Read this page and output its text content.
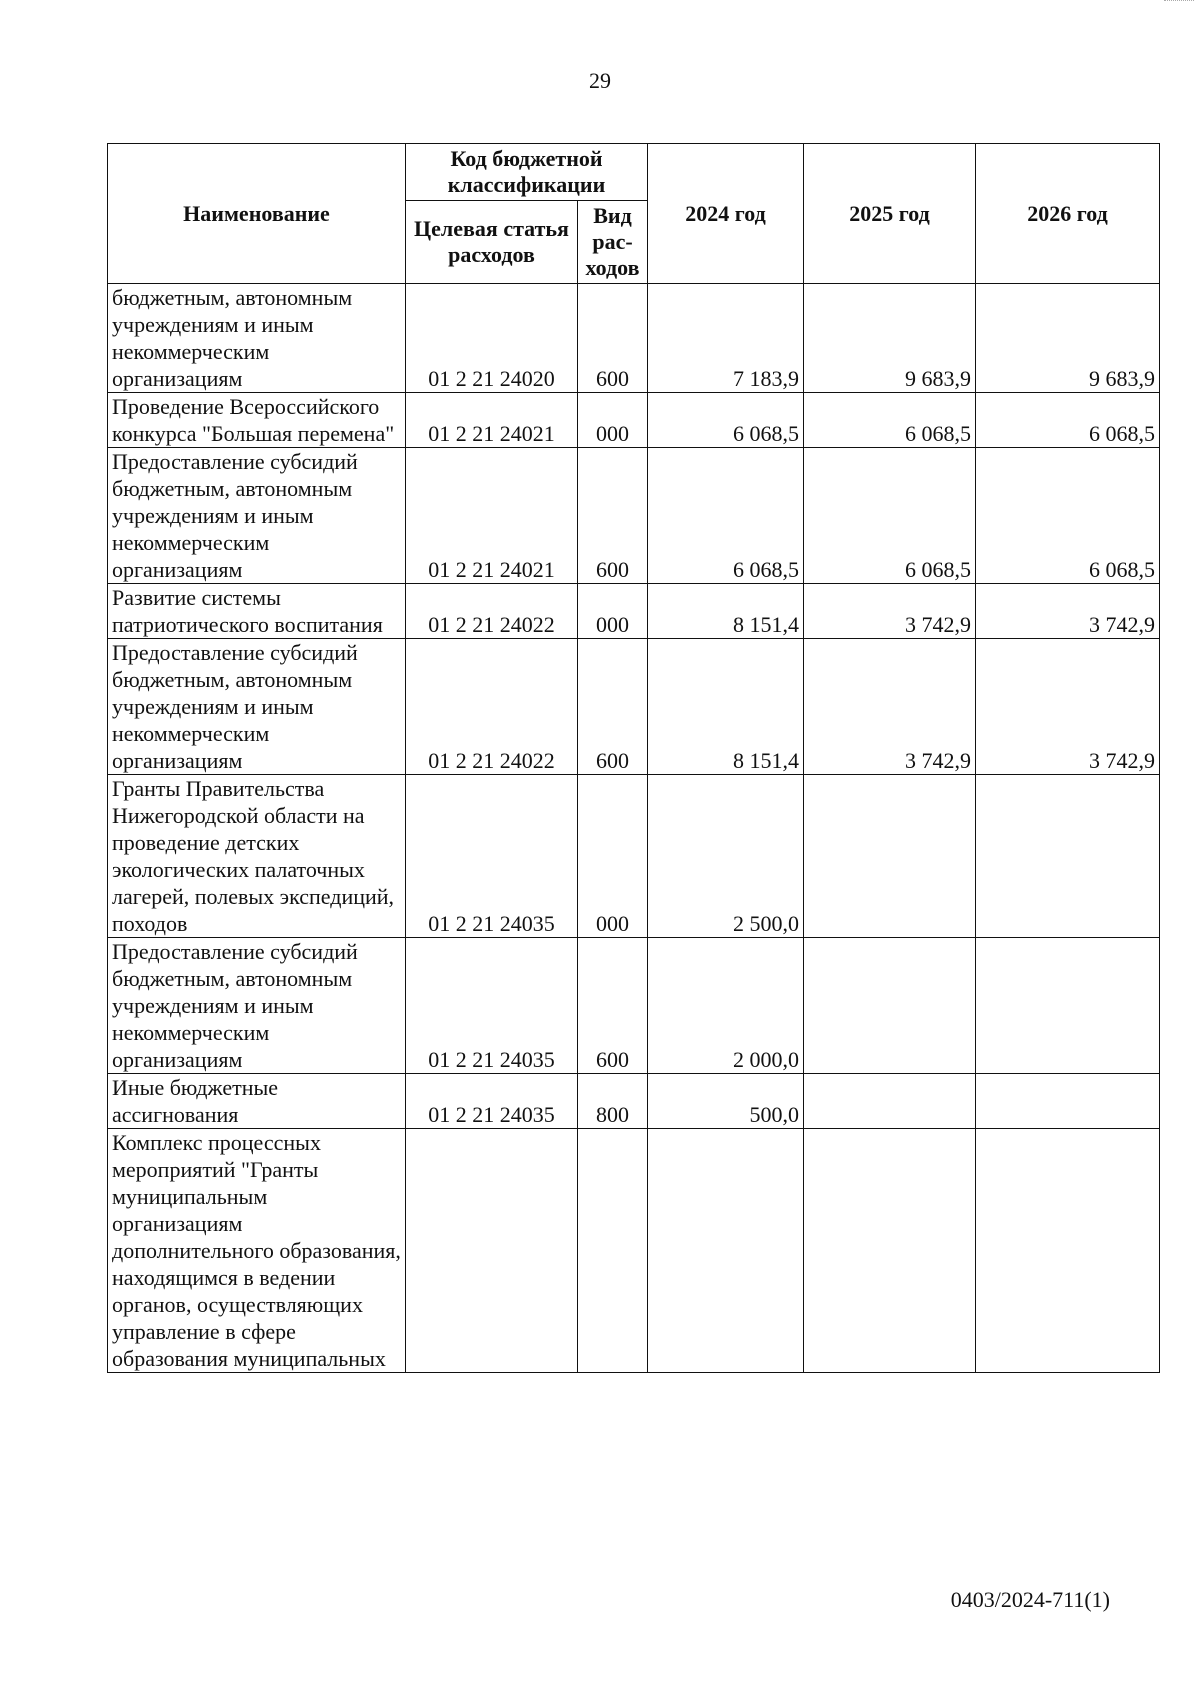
29
Наименование	Код бюджетной классификации		2024 год	2025 год	2026 год
	Целевая статья расходов	Вид рас-ходов			
бюджетным, автономным учреждениям и иным некоммерческим организациям	01 2 21 24020	600	7 183,9	9 683,9	9 683,9
Проведение Всероссийского конкурса "Большая перемена"	01 2 21 24021	000	6 068,5	6 068,5	6 068,5
Предоставление субсидий бюджетным, автономным учреждениям и иным некоммерческим организациям	01 2 21 24021	600	6 068,5	6 068,5	6 068,5
Развитие системы патриотического воспитания	01 2 21 24022	000	8 151,4	3 742,9	3 742,9
Предоставление субсидий бюджетным, автономным учреждениям и иным некоммерческим организациям	01 2 21 24022	600	8 151,4	3 742,9	3 742,9
Гранты Правительства Нижегородской области на проведение детских экологических палаточных лагерей, полевых экспедиций, походов	01 2 21 24035	000	2 500,0		
Предоставление субсидий бюджетным, автономным учреждениям и иным некоммерческим организациям	01 2 21 24035	600	2 000,0		
Иные бюджетные ассигнования	01 2 21 24035	800	500,0		
Комплекс процессных мероприятий "Гранты муниципальным организациям дополнительного образования, находящимся в ведении органов, осуществляющих управление в сфере образования муниципальных					
0403/2024-711(1)
